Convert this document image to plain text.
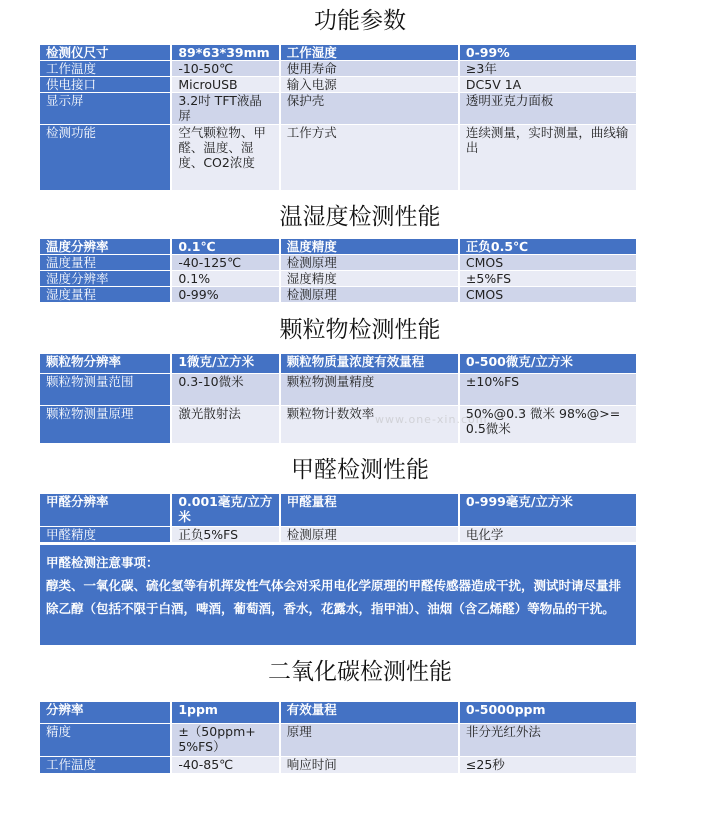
功能参数
检测仪尺寸	89*63*39mm	工作湿度	0-99%
工作温度	-10-50℃	使用寿命	≥3年
供电接口	MicroUSB	输入电源	DC5V 1A
显示屏	3.2吋 TFT液晶屏	保护壳	透明亚克力面板
检测功能	空气颗粒物、甲醛、温度、湿度、CO2浓度	工作方式	连续测量，实时测量，曲线输出
温湿度检测性能
温度分辨率	0.1℃	温度精度	正负0.5℃
温度量程	-40-125℃	检测原理	CMOS
湿度分辨率	0.1%	湿度精度	±5%FS
湿度量程	0-99%	检测原理	CMOS
颗粒物检测性能
颗粒物分辨率	1微克/立方米	颗粒物质量浓度有效量程	0-500微克/立方米
颗粒物测量范围	0.3-10微米	颗粒物测量精度	±10%FS
颗粒物测量原理	激光散射法	颗粒物计数效率	50%@0.3 微米 98%@>=0.5微米
www.one-xin.com
甲醛检测性能
甲醛分辨率	0.001毫克/立方米	甲醛量程	0-999毫克/立方米
甲醛精度	正负5%FS	检测原理	电化学
甲醛检测注意事项：
醇类、一氧化碳、硫化氢等有机挥发性气体会对采用电化学原理的甲醛传感器造成干扰，测试时请尽量排除乙醇（包括不限于白酒，啤酒，葡萄酒，香水，花露水，指甲油）、油烟（含乙烯醛）等物品的干扰。
二氧化碳检测性能
分辨率	1ppm	有效量程	0-5000ppm
精度	±（50ppm+5%FS）	原理	非分光红外法
工作温度	-40-85℃	响应时间	≤25秒
